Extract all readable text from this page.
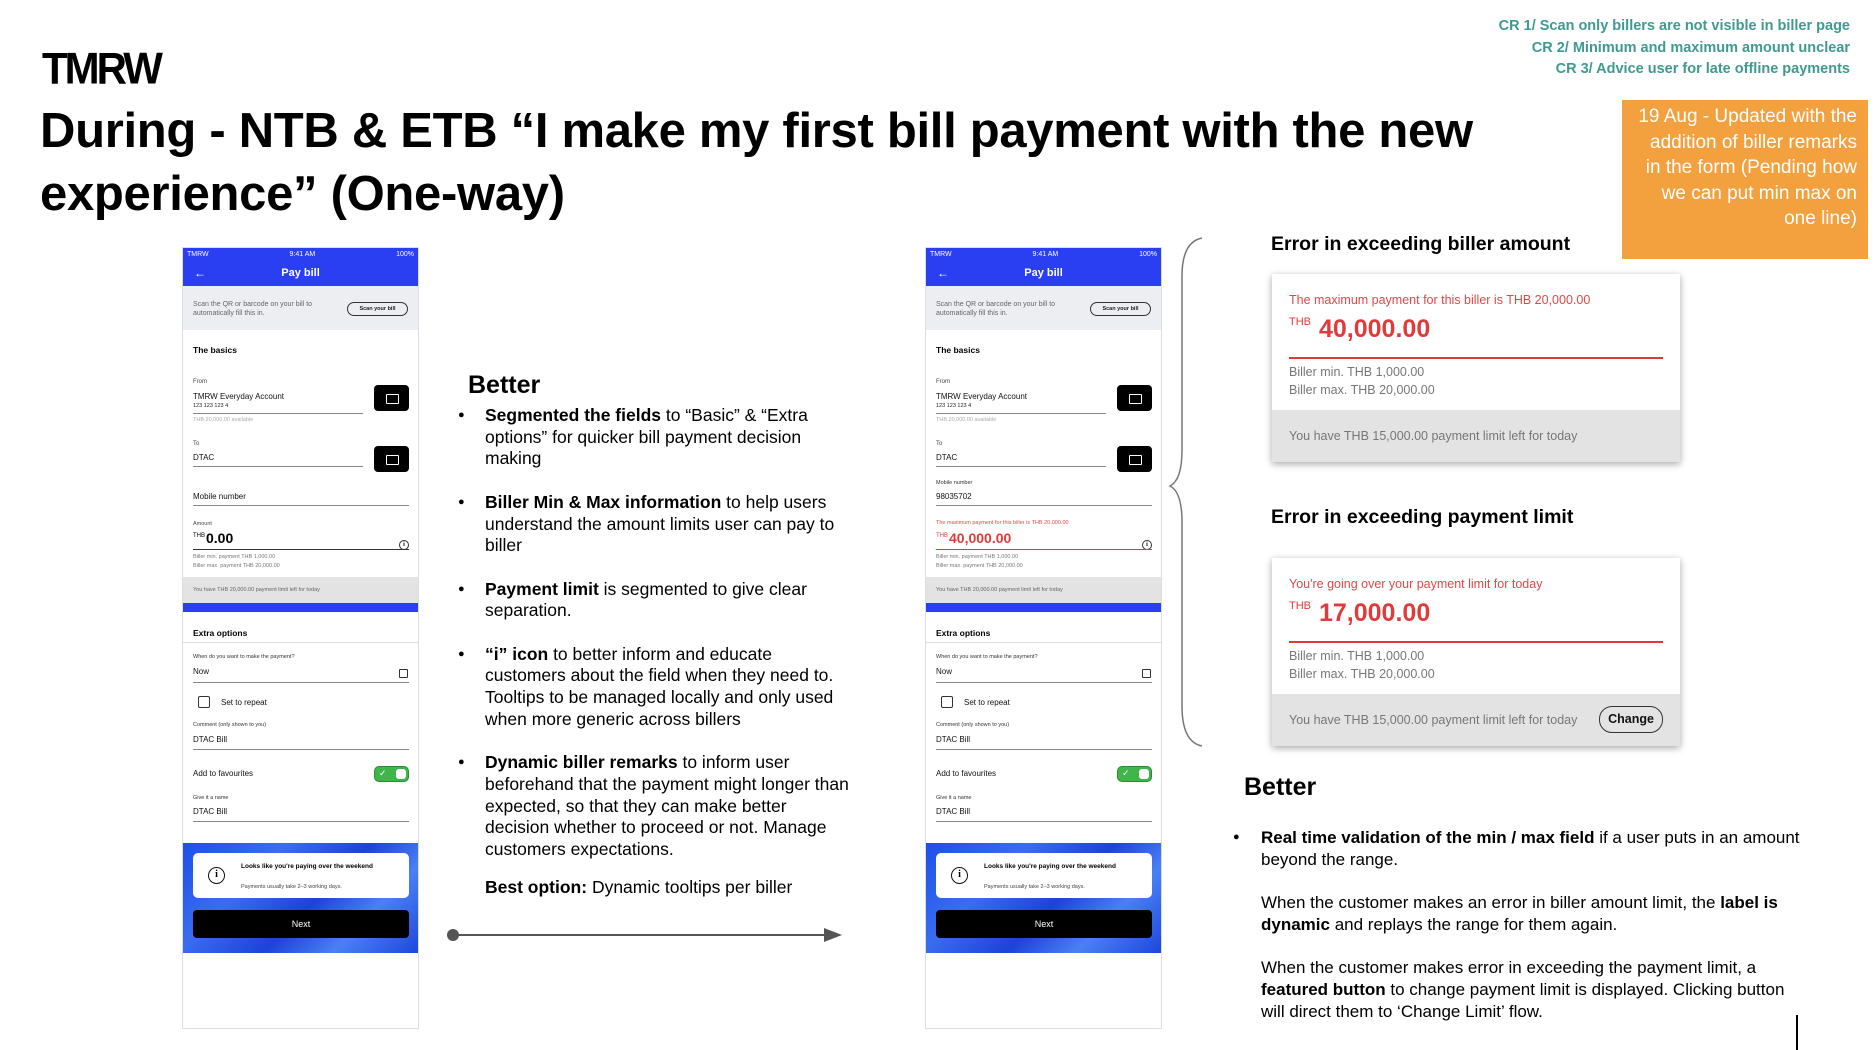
TMRW
During - NTB & ETB “I make my first bill payment with the new experience” (One-way)
CR 1/ Scan only billers are not visible in biller page
CR 2/ Minimum and maximum amount unclear
CR 3/ Advice user for late offline payments
19 Aug - Updated with the addition of biller remarks in the form (Pending how we can put min max on one line)
TMRW	9:41 AM	100%
←	Pay bill
Scan the QR or barcode on your bill to automatically fill this in.
Scan your bill
The basics
From
TMRW Everyday Account
123 123 123 4
THB 20,000.00 available
To
DTAC
Mobile number
Amount
$^{THB}$0.00	i
Biller min. payment THB 1,000.00
Biller max. payment THB 20,000.00
You have THB 20,000.00 payment limit left for today
Extra options
When do you want to make the payment?
Now
Set to repeat
Comment (only shown to you)
DTAC Bill
Add to favourites
✓
Give it a name
DTAC Bill
i
Looks like you're paying over the weekend
Payments usually take 2–3 working days.
Next
Better
● Segmented the fields to “Basic” & “Extra options” for quicker bill payment decision making
● Biller Min & Max information to help users understand the amount limits user can pay to biller
● Payment limit is segmented to give clear separation.
● “i” icon to better inform and educate customers about the field when they need to. Tooltips to be managed locally and only used when more generic across billers
● Dynamic biller remarks to inform user beforehand that the payment might longer than expected, so that they can make better decision whether to proceed or not. Manage customers expectations.
Best option: Dynamic tooltips per biller
TMRW	9:41 AM	100%
←	Pay bill
Scan the QR or barcode on your bill to automatically fill this in.
Scan your bill
The basics
From
TMRW Everyday Account
123 123 123 4
THB 20,000.00 available
To
DTAC
Mobile number
98035702
The maximum payment for this biller is THB 20,000.00
$^{THB}$40,000.00	i
Biller min. payment THB 1,000.00
Biller max. payment THB 20,000.00
You have THB 20,000.00 payment limit left for today
Extra options
When do you want to make the payment?
Now
Set to repeat
Comment (only shown to you)
DTAC Bill
Add to favourites
✓
Give it a name
DTAC Bill
i
Looks like you're paying over the weekend
Payments usually take 2–3 working days.
Next
Error in exceeding biller amount
The maximum payment for this biller is THB 20,000.00
THB 40,000.00
Biller min. THB 1,000.00
Biller max. THB 20,000.00
You have THB 15,000.00 payment limit left for today
Error in exceeding payment limit
You're going over your payment limit for today
THB 17,000.00
Biller min. THB 1,000.00
Biller max. THB 20,000.00
You have THB 15,000.00 payment limit left for today	Change
Better
● Real time validation of the min / max field if a user puts in an amount beyond the range.

When the customer makes an error in biller amount limit, the label is dynamic and replays the range for them again.

When the customer makes error in exceeding the payment limit, a featured button to change payment limit is displayed. Clicking button will direct them to ‘Change Limit’ flow.
